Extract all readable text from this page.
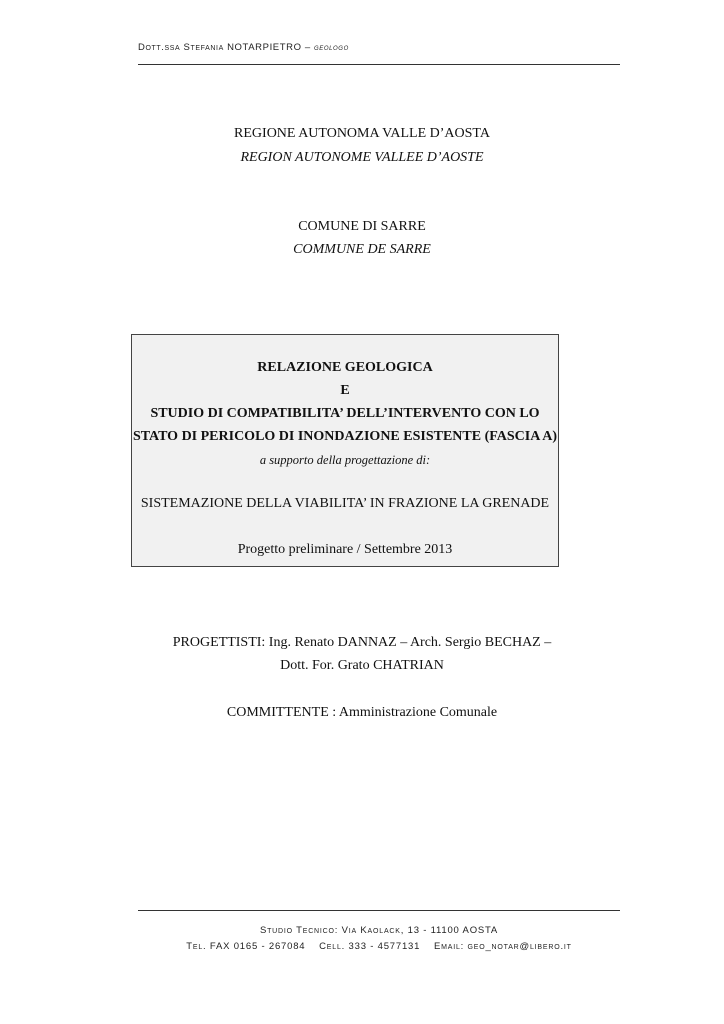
Dott.ssa Stefania NOTARPIETRO – geologo
REGIONE AUTONOMA VALLE D’AOSTA
REGION AUTONOME VALLEE D’AOSTE
COMUNE DI SARRE
COMMUNE DE SARRE
RELAZIONE GEOLOGICA
E
STUDIO DI COMPATIBILITA’ DELL’INTERVENTO CON LO
STATO DI PERICOLO DI INONDAZIONE ESISTENTE (FASCIA A)
a supporto della progettazione di:
SISTEMAZIONE DELLA VIABILITA’ IN FRAZIONE LA GRENADE
Progetto preliminare / Settembre 2013
PROGETTISTI: Ing. Renato DANNAZ – Arch. Sergio BECHAZ –
Dott. For. Grato CHATRIAN
COMMITTENTE : Amministrazione Comunale
Studio Tecnico: Via Kaolack, 13 - 11100 AOSTA
Tel. FAX 0165 - 267084    Cell. 333 - 4577131    Email: geo_notar@libero.it
